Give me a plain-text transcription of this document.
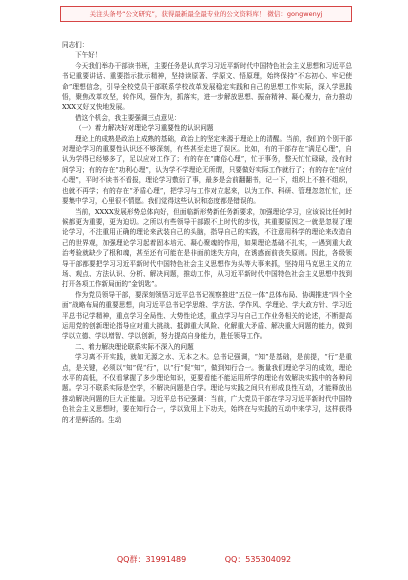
关注头条号“公文研究”，获得最新最全最专业的公文资料库！ 微信：gongwenyj

同志们：

下午好！

今天我们举办干部读书班，主要任务是认真学习习近平新时代中国特色社会主义思想和习近平总书记重要讲话、重要指示批示精神，坚持读原著、学原文、悟原理，始终保持“不忘初心、牢记使命”理想信念，引导全校党员干部联系学校改革发展稳定实践和自己的思想工作实际，深入学思践悟，聚焦改革攻坚，转作风，强作为，抓落实，进一步解放思想、振奋精神、凝心聚力，奋力推动XXX又好又快地发展。

借这个机会，我主要强调三点意见：

（一）着力解决好对理论学习重要性的认识问题

理论上的成熟是政治上成熟的基础，政治上的坚定来源于理论上的清醒。当前，我们的个别干部对理论学习的重要性认识还不够深刻，有些甚至走进了误区。比如，有的干部存在“满足心理”，自认为学得已经够多了，足以应对工作了；有的存在“庸俗心理”，忙于事务，整天忙忙碌碌，没有时间学习；有的存在“功利心理”，认为学不学理论无所谓，只要做好实际工作就行了；有的存在“应付心理”，平时不读书不看报，理论学习敷衍了事，最多是会前翻翻书，记一下，组织上不推不组织，也就不再学；有的存在“矛盾心理”，把学习与工作对立起来，以为工作、科研、管理忽忽忙忙，还要集中学习，心里很不情愿。我们觉得这些认识和态度都是错误的。

当前，XXXX发展形势总体向好，但面临新形势新任务新要求，加强理论学习，应该说比任何时候都更为重要，更为迫切。之所以有些领导干部跟不上时代的步伐，其重要原因之一就是忽视了理论学习，不注重用正确的理论来武装自己的头脑，指导自己的实践，不注意用科学的理论来改造自己的世界观，加强理论学习起着固本培元、凝心聚魂的作用，如果理论基础不扎实，一遇到重大政治考验就缺少了根和魂，甚至还有可能在是非面前迷失方向，在诱惑面前丧失原则。因此，各级领导干部都要把学习习近平新时代中国特色社会主义思想作为头等大事来抓，坚持用马克思主义的立场、观点、方法认识、分析、解决问题，推动工作，从习近平新时代中国特色社会主义思想中找到打开各项工作新局面的“金钥匙”。

作为党员领导干部，要深刻领悟习近平总书记视察推进“五位一体”总体布局、协调推进“四个全面”战略布局的重要思想，向习近平总书记学思维、学方法、学作风、学理论、学大政方针、学习近平总书记学精神，重点学习全局性、大势性论述，重点学习与自己工作业务相关的论述，不断提高运用党的创新理论指导应对重大挑战、抵御重大风险、化解重大矛盾、解决重大问题的能力，做到学以立德、学以增智、学以创新，努力提高自身能力，胜任领导工作。

二、着力解决理论联系实际不深入的问题

学习离不开实践，就如无源之水、无本之木。总书记强调，“知”是基础，是前提，“行”是重点，是关键，必须以“知”促“行”，以“行”促“知”，做到知行合一。衡量我们理论学习的成效，理论水平的高低，不仅看掌握了多少理论知识，更要看能不能运用所学的理论有效解决实践中的各种问题。学习不联系实际是空学，不解决问题是白学。理论与实践之间只有形成良性互动，才能释放出推动解决问题的巨大正能量。习近平总书记强调：当前，广大党员干部在学习习近平新时代中国特色社会主义思想时，要在知行合一，学以致用上下功夫，始终在与实践的互动中来学习，这样获得的才是鲜活的。生动

QQ群：31991489	QQ：535304092
